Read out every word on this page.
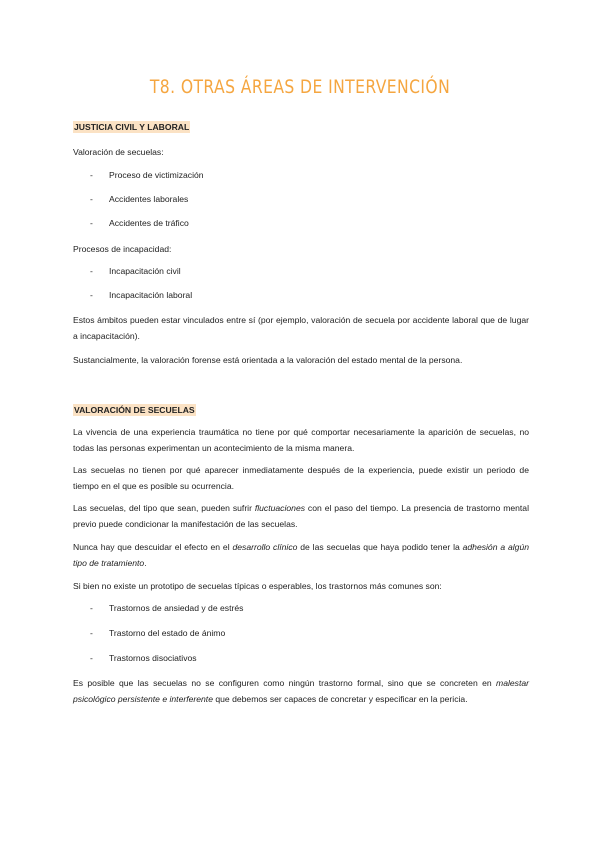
T8. OTRAS ÁREAS DE INTERVENCIÓN

JUSTICIA CIVIL Y LABORAL

Valoración de secuelas:

- Proceso de victimización
- Accidentes laborales
- Accidentes de tráfico

Procesos de incapacidad:

- Incapacitación civil
- Incapacitación laboral

Estos ámbitos pueden estar vinculados entre sí (por ejemplo, valoración de secuela por accidente laboral que de lugar a incapacitación).

Sustancialmente, la valoración forense está orientada a la valoración del estado mental de la persona.

VALORACIÓN DE SECUELAS

La vivencia de una experiencia traumática no tiene por qué comportar necesariamente la aparición de secuelas, no todas las personas experimentan un acontecimiento de la misma manera.

Las secuelas no tienen por qué aparecer inmediatamente después de la experiencia, puede existir un periodo de tiempo en el que es posible su ocurrencia.

Las secuelas, del tipo que sean, pueden sufrir fluctuaciones con el paso del tiempo. La presencia de trastorno mental previo puede condicionar la manifestación de las secuelas.

Nunca hay que descuidar el efecto en el desarrollo clínico de las secuelas que haya podido tener la adhesión a algún tipo de tratamiento.

Si bien no existe un prototipo de secuelas típicas o esperables, los trastornos más comunes son:

- Trastornos de ansiedad y de estrés
- Trastorno del estado de ánimo
- Trastornos disociativos

Es posible que las secuelas no se configuren como ningún trastorno formal, sino que se concreten en malestar psicológico persistente e interferente que debemos ser capaces de concretar y especificar en la pericia.
